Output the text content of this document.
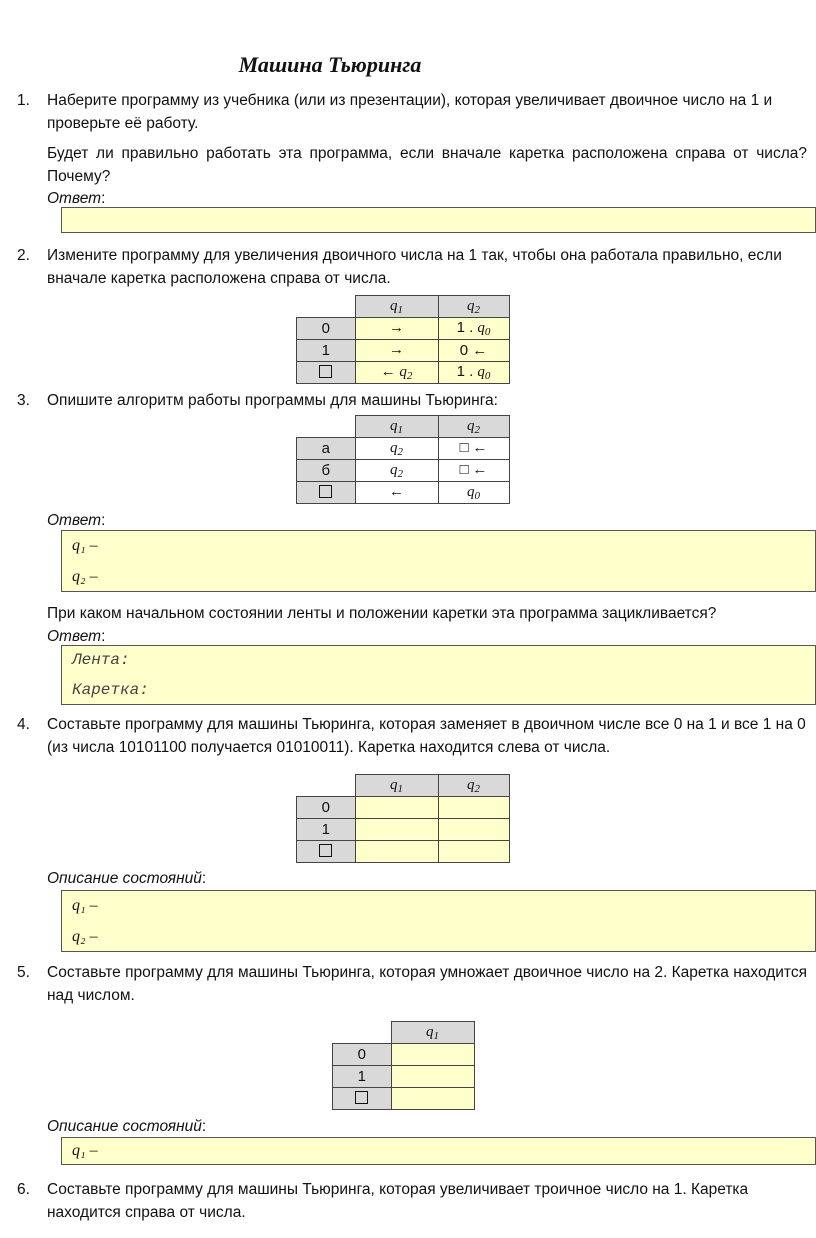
Машина Тьюринга
1.	Наберите программу из учебника (или из презентации), которая увеличивает двоичное число на 1 и проверьте её работу.
Будет ли правильно работать эта программа, если вначале каретка расположена справа от числа? Почему?
Ответ:
2.	Измените программу для увеличения двоичного числа на 1 так, чтобы она работала правильно, если вначале каретка расположена справа от числа.
	$q_1$	$q_2$
0	→	1 . $q_0$
1	→	0 ←
	← $q_2$	1 . $q_0$
3.	Опишите алгоритм работы программы для машины Тьюринга:
	$q_1$	$q_2$
а	$q_2$	□ ←
б	$q_2$	□ ←
	←	$q_0$
Ответ:
q₁ –
q₂ –
При каком начальном состоянии ленты и положении каретки эта программа зацикливается?
Ответ:
Лента:
Каретка:
4.	Составьте программу для машины Тьюринга, которая заменяет в двоичном числе все 0 на 1 и все 1 на 0 (из числа 10101100 получается 01010011). Каретка находится слева от числа.
	$q_1$	$q_2$
0		
1		

Описание состояний:
q₁ –
q₂ –
5.	Составьте программу для машины Тьюринга, которая умножает двоичное число на 2. Каретка находится над числом.
	$q_1$
0	
1	

Описание состояний:
q₁ –
6.	Составьте программу для машины Тьюринга, которая увеличивает троичное число на 1. Каретка находится справа от числа.
